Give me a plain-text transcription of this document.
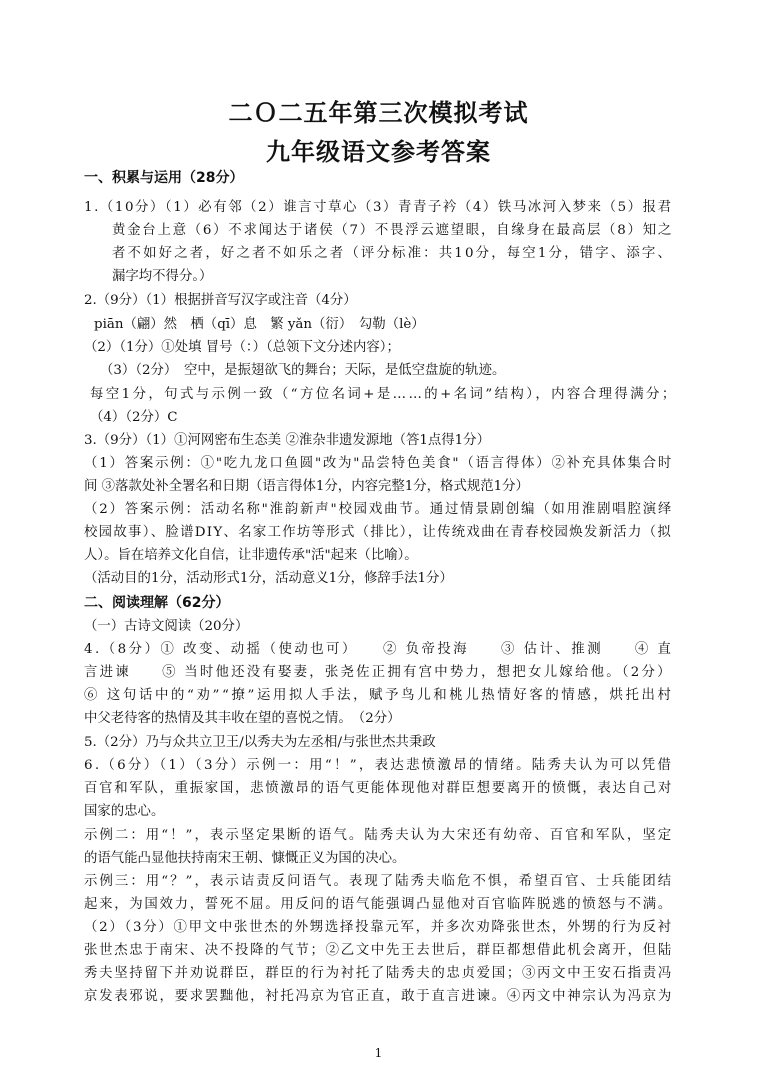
二Ｏ二五年第三次模拟考试
九年级语文参考答案
一、积累与运用（28分）
1.（10分）（1）必有邻（2）谁言寸草心（3）青青子衿（4）铁马冰河入梦来（5）报君
黄金台上意（6）不求闻达于诸侯（7）不畏浮云遮望眼，自缘身在最高层（8）知之
者不如好之者，好之者不如乐之者（评分标准：共10分，每空1分，错字、添字、
漏字均不得分。）
2.（9分）（1）根据拼音写汉字或注音（4分）
piān（翩）然　栖（qī）息　繁 yǎn（衍）　勾勒（lè）
（2）（1分）①处填 冒号（：）（总领下文分述内容）；
（3）（2分）　空中，是振翅欲飞的舞台；天际，是低空盘旋的轨迹。
每空1分，句式与示例一致（“方位名词+是……的+名词”结构），内容合理得满分；
（4）（2分）C
3.（9分）（1）①河网密布生态美 ②淮杂非遗发源地（答1点得1分）
（1）答案示例：①"吃九龙口鱼圆"改为"品尝特色美食"（语言得体）②补充具体集合时
间 ③落款处补全署名和日期（语言得体1分，内容完整1分，格式规范1分）
（2）答案示例：活动名称"淮韵新声"校园戏曲节。通过情景剧创编（如用淮剧唱腔演绎
校园故事）、脸谱DIY、名家工作坊等形式（排比），让传统戏曲在青春校园焕发新活力（拟
人）。旨在培养文化自信，让非遗传承"活"起来（比喻）。
（活动目的1分，活动形式1分，活动意义1分，修辞手法1分）
二、阅读理解（62分）
（一）古诗文阅读（20分）
4.（8分）① 改变、动摇（使动也可）　　② 负帝投海　　③ 估计、推测　　④ 直
言进谏　　⑤ 当时他还没有娶妻，张尧佐正拥有宫中势力，想把女儿嫁给他。（2分）
⑥ 这句话中的“劝”“撩”运用拟人手法，赋予鸟儿和桃儿热情好客的情感，烘托出村
中父老待客的热情及其丰收在望的喜悦之情。　（2分）
5.（2分）乃与众共立卫王/以秀夫为左丞相/与张世杰共秉政
6.（6分）（1）（3分）示例一：用“！”，表达悲愤激昂的情绪。陆秀夫认为可以凭借
百官和军队，重振家国，悲愤激昂的语气更能体现他对群臣想要离开的愤慨，表达自己对
国家的忠心。
示例二：用“！”，表示坚定果断的语气。陆秀夫认为大宋还有幼帝、百官和军队，坚定
的语气能凸显他扶持南宋王朝、慷慨正义为国的决心。
示例三：用“？”，表示诘责反问语气。表现了陆秀夫临危不惧，希望百官、士兵能团结
起来，为国效力，誓死不屈。用反问的语气能强调凸显他对百官临阵脱逃的愤怒与不满。
（2）（3分）①甲文中张世杰的外甥选择投靠元军，并多次劝降张世杰，外甥的行为反衬
张世杰忠于南宋、决不投降的气节；②乙文中先王去世后，群臣都想借此机会离开，但陆
秀夫坚持留下并劝说群臣，群臣的行为衬托了陆秀夫的忠贞爱国；③丙文中王安石指责冯
京发表邪说，要求罢黜他，衬托冯京为官正直，敢于直言进谏。④丙文中神宗认为冯京为
1
